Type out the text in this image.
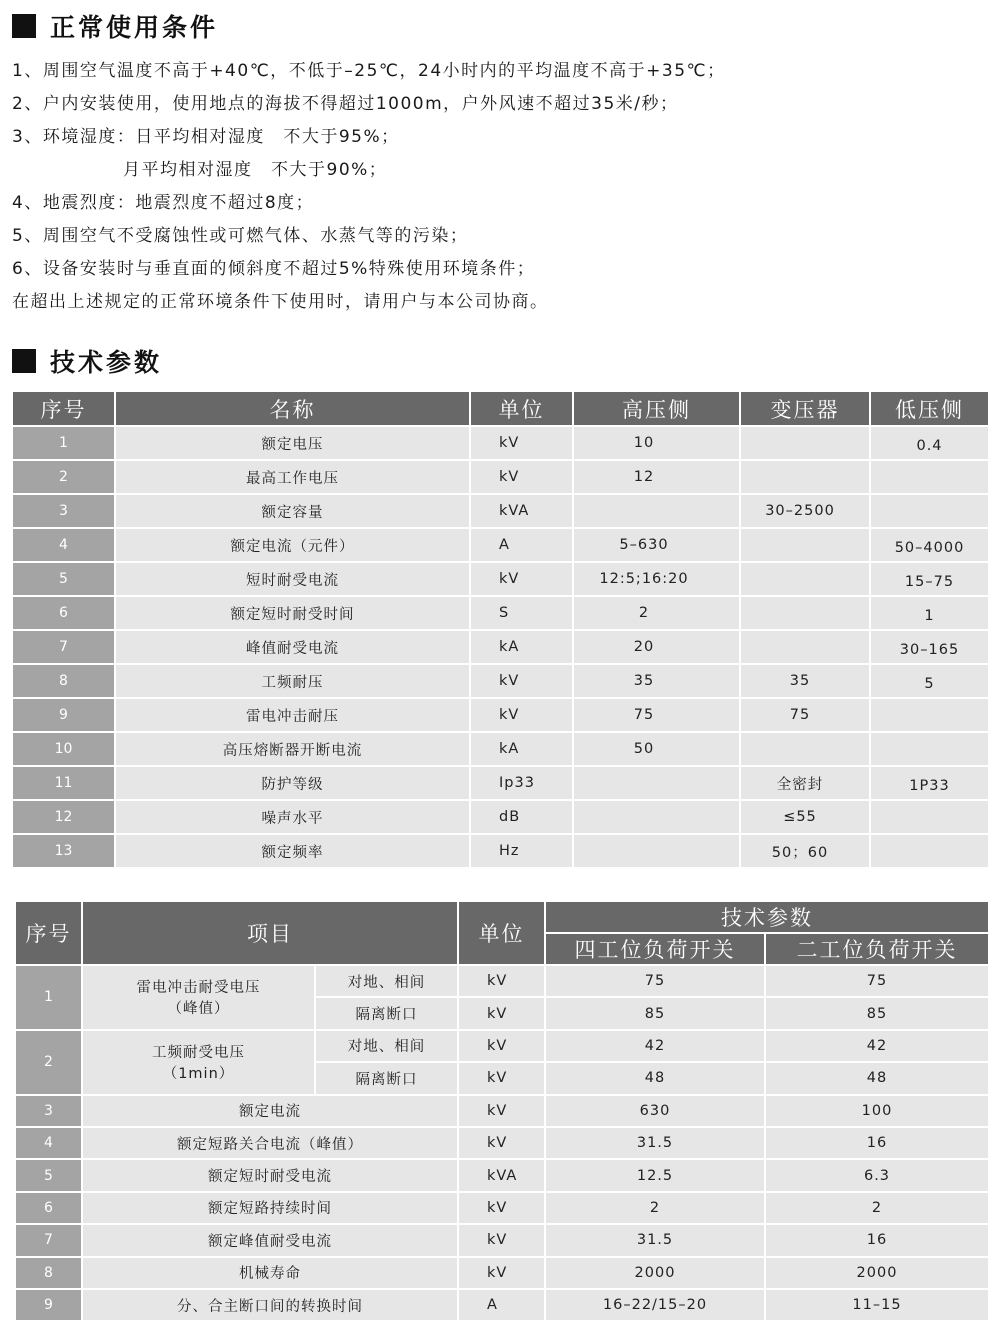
正常使用条件
1、周围空气温度不高于+40℃，不低于–25℃，24小时内的平均温度不高于+35℃；
2、户内安装使用，使用地点的海拔不得超过1000m，户外风速不超过35米/秒；
3、环境湿度：日平均相对湿度　不大于95%；
　　　　　　月平均相对湿度　不大于90%；
4、地震烈度：地震烈度不超过8度；
5、周围空气不受腐蚀性或可燃气体、水蒸气等的污染；
6、设备安装时与垂直面的倾斜度不超过5%特殊使用环境条件；
在超出上述规定的正常环境条件下使用时，请用户与本公司协商。
技术参数
序号	名称	单位	高压侧	变压器	低压侧
1	额定电压	kV	10		0.4
2	最高工作电压	kV	12		
3	额定容量	kVA		30–2500	
4	额定电流（元件）	A	5–630		50–4000
5	短时耐受电流	kV	12:5;16:20		15–75
6	额定短时耐受时间	S	2		1
7	峰值耐受电流	kA	20		30–165
8	工频耐压	kV	35	35	5
9	雷电冲击耐压	kV	75	75	
10	高压熔断器开断电流	kA	50		
11	防护等级	Ip33		全密封	1P33
12	噪声水平	dB		≤55	
13	额定频率	Hz		50；60	
序号	项目		单位	技术参数	
				四工位负荷开关	二工位负荷开关
1	雷电冲击耐受电压
（峰值）	对地、相间	kV	75	75
		隔离断口	kV	85	85
2	工频耐受电压
（1min）	对地、相间	kV	42	42
		隔离断口	kV	48	48
3	额定电流		kV	630	100
4	额定短路关合电流（峰值）		kV	31.5	16
5	额定短时耐受电流		kVA	12.5	6.3
6	额定短路持续时间		kV	2	2
7	额定峰值耐受电流		kV	31.5	16
8	机械寿命		kV	2000	2000
9	分、合主断口间的转换时间		A	16–22/15–20	11–15
